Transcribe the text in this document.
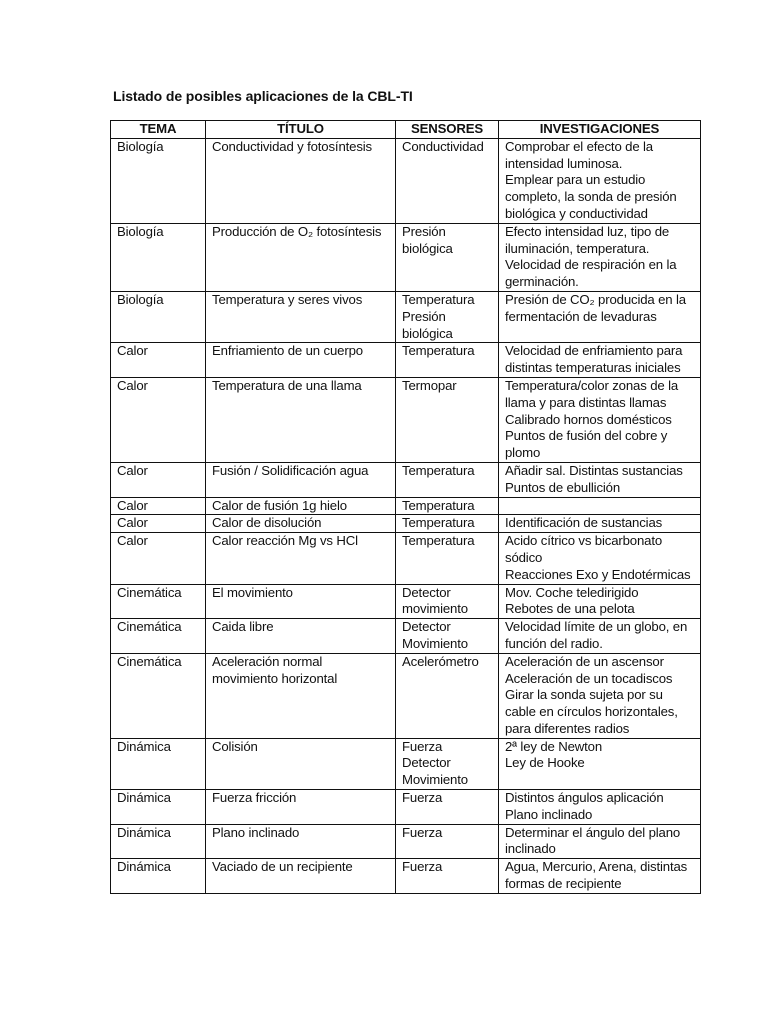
Listado de posibles aplicaciones de la CBL-TI
TEMA	TÍTULO	SENSORES	INVESTIGACIONES
Biología	Conductividad y fotosíntesis	Conductividad	Comprobar el efecto de la
intensidad luminosa.
Emplear para un estudio
completo, la sonda de presión
biológica y conductividad

Biología	Producción de O₂ fotosíntesis	Presión
biológica	Efecto intensidad luz, tipo de
iluminación, temperatura.
Velocidad de respiración en la
germinación.

Biología	Temperatura y seres vivos	Temperatura
Presión
biológica	Presión de CO₂ producida en la
fermentación de levaduras

Calor	Enfriamiento de un cuerpo	Temperatura	Velocidad de enfriamiento para
distintas temperaturas iniciales

Calor	Temperatura de una llama	Termopar	Temperatura/color zonas de la
llama y para distintas llamas
Calibrado hornos domésticos
Puntos de fusión del cobre y
plomo

Calor	Fusión / Solidificación agua	Temperatura	Añadir sal. Distintas sustancias
Puntos de ebullición

Calor	Calor de fusión 1g hielo	Temperatura	

Calor	Calor de disolución	Temperatura	Identificación de sustancias

Calor	Calor reacción Mg vs HCl	Temperatura	Acido cítrico vs bicarbonato
sódico
Reacciones Exo y Endotérmicas

Cinemática	El movimiento	Detector
movimiento	Mov. Coche teledirigido
Rebotes de una pelota

Cinemática	Caida libre	Detector
Movimiento	Velocidad límite de un globo, en
función del radio.

Cinemática	Aceleración normal
movimiento horizontal	Acelerómetro	Aceleración de un ascensor
Aceleración de un tocadiscos
Girar la sonda sujeta por su
cable en círculos horizontales,
para diferentes radios

Dinámica	Colisión	Fuerza
Detector
Movimiento	2ª ley de Newton
Ley de Hooke

Dinámica	Fuerza fricción	Fuerza	Distintos ángulos aplicación
Plano inclinado

Dinámica	Plano inclinado	Fuerza	Determinar el ángulo del plano
inclinado

Dinámica	Vaciado de un recipiente	Fuerza	Agua, Mercurio, Arena, distintas
formas de recipiente
